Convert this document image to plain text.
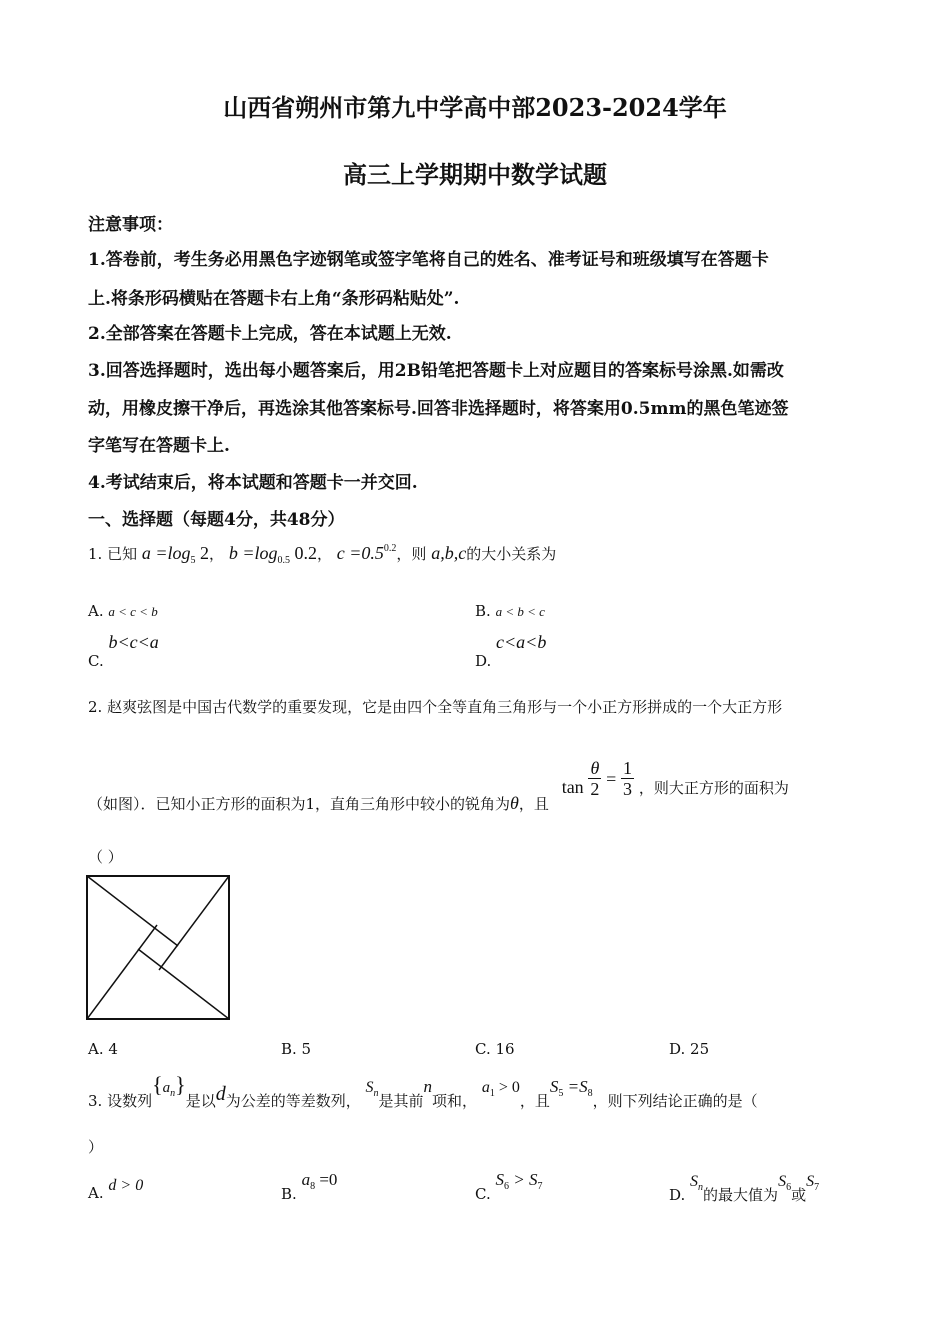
山西省朔州市第九中学高中部2023-2024学年
高三上学期期中数学试题
注意事项：
1.答卷前，考生务必用黑色字迹钢笔或签字笔将自己的姓名、准考证号和班级填写在答题卡
上.将条形码横贴在答题卡右上角“条形码粘贴处”.
2.全部答案在答题卡上完成，答在本试题上无效.
3.回答选择题时，选出每小题答案后，用2B铅笔把答题卡上对应题目的答案标号涂黑.如需改
动，用橡皮擦干净后，再选涂其他答案标号.回答非选择题时，将答案用0.5mm的黑色笔迹签
字笔写在答题卡上.
4.考试结束后，将本试题和答题卡一并交回.
一、选择题（每题4分，共48分）
1. 已知 $a =\log_5$ 2， $b =\log_{0.5}$ 0.2， $c =0.5^{0.2}$，则 a,b,c的大小关系为
A. a < c < b	B. a < b < c
C. b<c<a
D. c<a<b
2. 赵爽弦图是中国古代数学的重要发现，它是由四个全等直角三角形与一个小正方形拼成的一个大正方形
（如图）．已知小正方形的面积为1，直角三角形中较小的锐角为θ，且 $\tan \frac{\theta}{2} = \frac{1}{3}$ ，则大正方形的面积为
（ ）
A. 4	B. 5	C. 16	D. 25
3. 设数列$\{a_n\}$是以d为公差的等差数列， $S_n$是其前n项和， $a_1 > 0$，且$S_5 =S_8$，则下列结论正确的是（
）
A. d > 0	B. $a_8 =0$
C. $S_6 > S_7$	D. $S_n$的最大值为$S_6$或$S_7$
